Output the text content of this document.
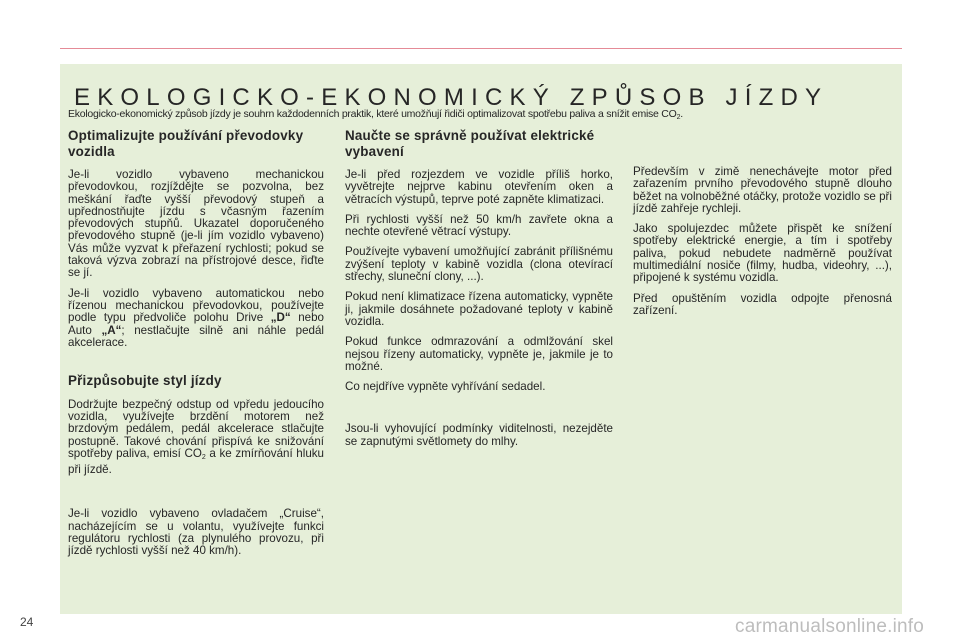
EKOLOGICKO-EKONOMICKÝ ZPŮSOB JÍZDY
Ekologicko-ekonomický způsob jízdy je souhrn každodenních praktik, které umožňují řidiči optimalizovat spotřebu paliva a snížit emise $CO_2$.
Optimalizujte používání převodovky vozidla

Je-li vozidlo vybaveno mechanickou převodovkou, rozjíždějte se pozvolna, bez meškání řaďte vyšší převodový stupeň a upřednostňujte jízdu s včasným řazením převodových stupňů. Ukazatel doporučeného převodového stupně (je-li jím vozidlo vybaveno) Vás může vyzvat k přeřazení rychlosti; pokud se taková výzva zobrazí na přístrojové desce, řiďte se jí.

Je-li vozidlo vybaveno automatickou nebo řízenou mechanickou převodovkou, používejte podle typu předvoliče polohu Drive „D“ nebo Auto „A“; nestlačujte silně ani náhle pedál akcelerace.

Přizpůsobujte styl jízdy

Dodržujte bezpečný odstup od vpředu jedoucího vozidla, využívejte brzdění motorem než brzdovým pedálem, pedál akcelerace stlačujte postupně. Takové chování přispívá ke snižování spotřeby paliva, emisí $CO_2$ a ke zmírňování hluku při jízdě.

Je-li vozidlo vybaveno ovladačem „Cruise“, nacházejícím se u volantu, využívejte funkci regulátoru rychlosti (za plynulého provozu, při jízdě rychlosti vyšší než 40 km/h).

Naučte se správně používat elektrické vybavení

Je-li před rozjezdem ve vozidle příliš horko, vyvětrejte nejprve kabinu otevřením oken a větracích výstupů, teprve poté zapněte klimatizaci.

Při rychlosti vyšší než 50 km/h zavřete okna a nechte otevřené větrací výstupy.

Používejte vybavení umožňující zabránit přílišnému zvýšení teploty v kabině vozidla (clona otevírací střechy, sluneční clony, ...).

Pokud není klimatizace řízena automaticky, vypněte ji, jakmile dosáhnete požadované teploty v kabině vozidla.

Pokud funkce odmrazování a odmlžování skel nejsou řízeny automaticky, vypněte je, jakmile je to možné.

Co nejdříve vypněte vyhřívání sedadel.

Jsou-li vyhovující podmínky viditelnosti, nezejděte se zapnutými světlomety do mlhy.

Především v zimě nenechávejte motor před zařazením prvního převodového stupně dlouho běžet na volnoběžné otáčky, protože vozidlo se při jízdě zahřeje rychleji.

Jako spolujezdec můžete přispět ke snížení spotřeby elektrické energie, a tím i spotřeby paliva, pokud nebudete nadměrně používat multimediální nosiče (filmy, hudba, videohry, ...), připojené k systému vozidla.

Před opuštěním vozidla odpojte přenosná zařízení.

24	carmanualsonline.info
